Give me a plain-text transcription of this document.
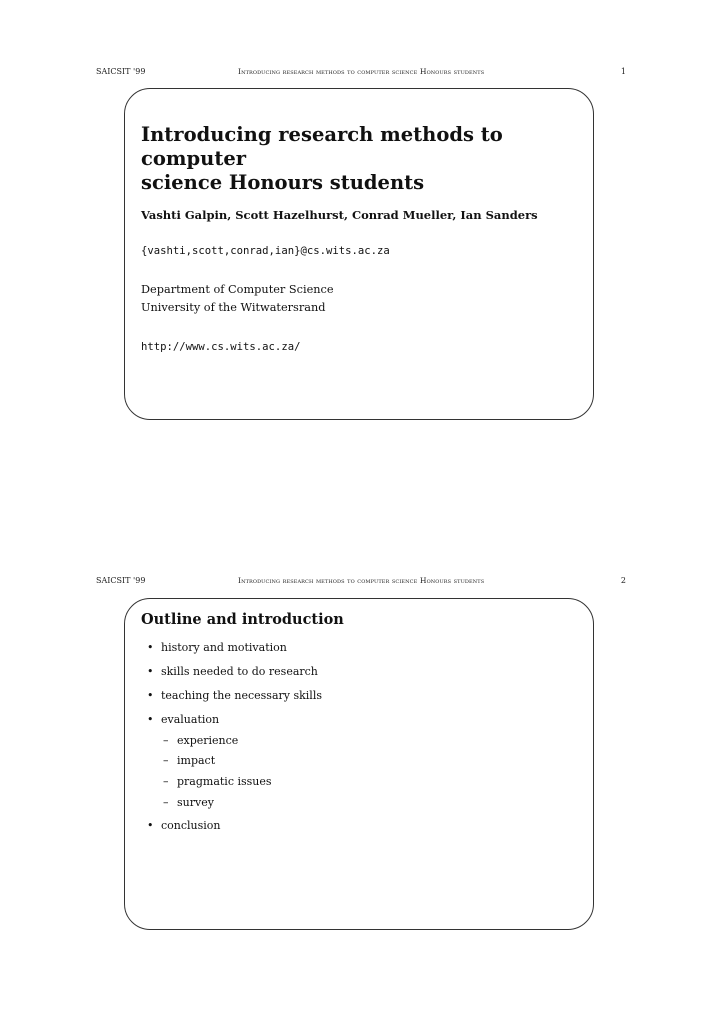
SAICSIT '99	Introducing research methods to computer science Honours students	1
Introducing research methods to computer
science Honours students
Vashti Galpin, Scott Hazelhurst, Conrad Mueller, Ian Sanders
{vashti,scott,conrad,ian}@cs.wits.ac.za
Department of Computer Science
University of the Witwatersrand
http://www.cs.wits.ac.za/
SAICSIT '99	Introducing research methods to computer science Honours students	2
Outline and introduction
• history and motivation
• skills needed to do research
• teaching the necessary skills
• evaluation
– experience
– impact
– pragmatic issues
– survey
• conclusion
